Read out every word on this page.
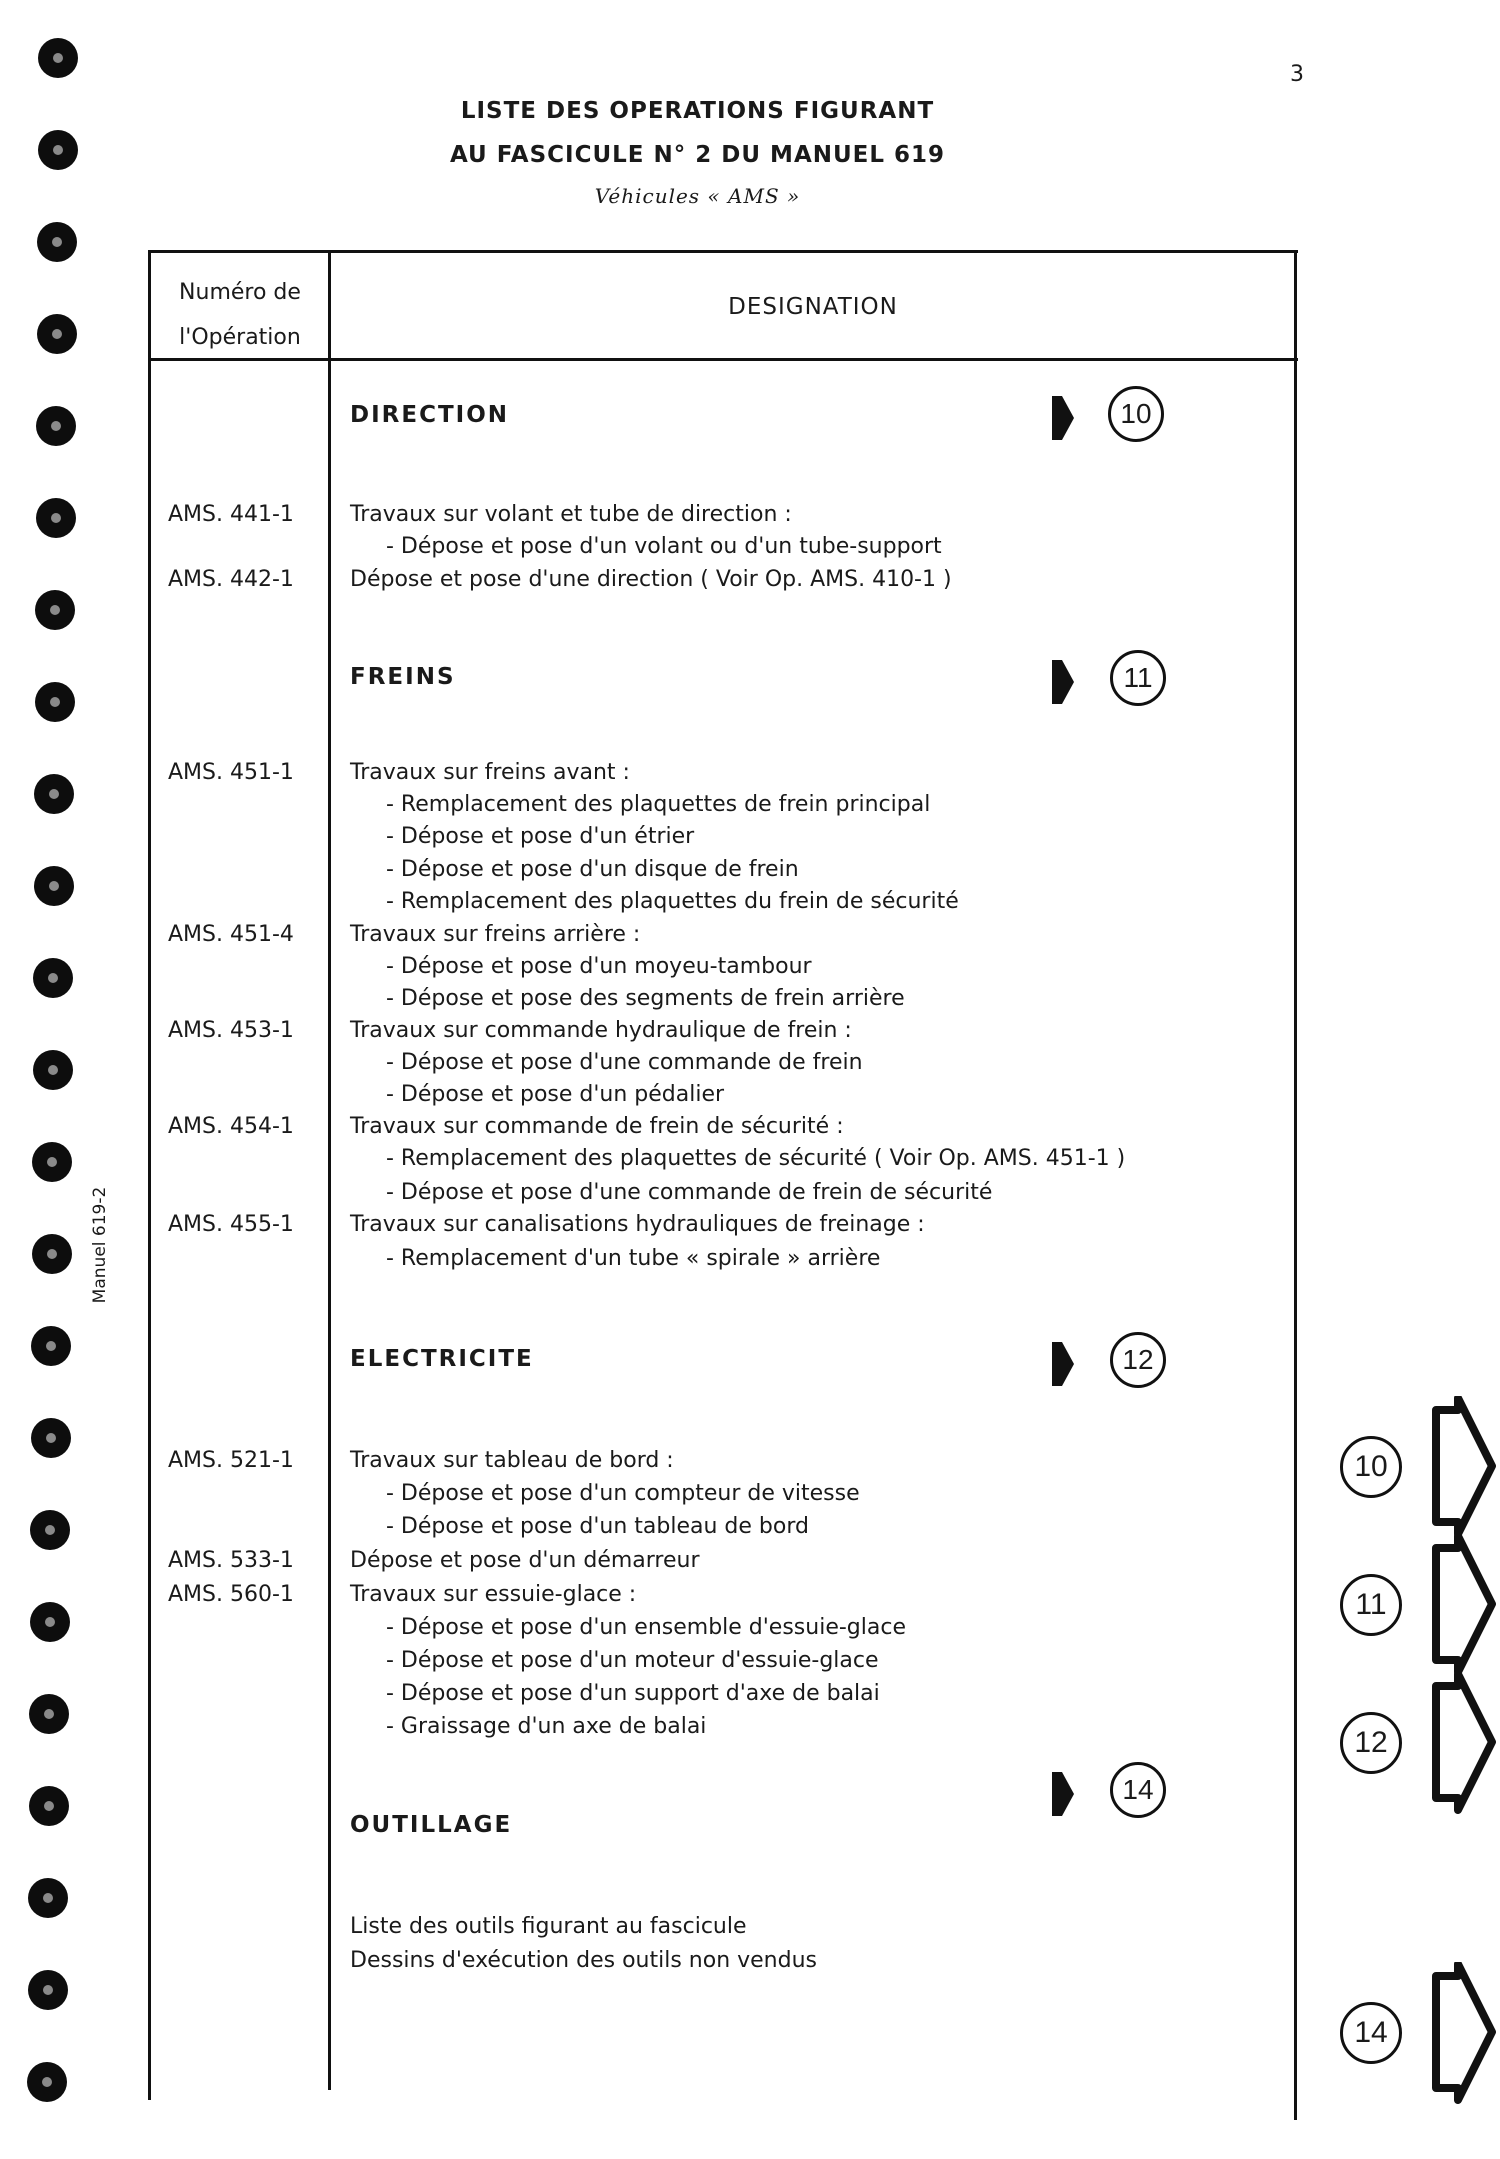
Manuel 619-2
3
LISTE DES OPERATIONS FIGURANT
AU FASCICULE N° 2 DU MANUEL 619
Véhicules « AMS »
Numéro de
l'Opération
DESIGNATION
DIRECTION
FREINS
ELECTRICITE
OUTILLAGE
AMS. 441-1
AMS. 442-1
AMS. 451-1
AMS. 451-4
AMS. 453-1
AMS. 454-1
AMS. 455-1
AMS. 521-1
AMS. 533-1
AMS. 560-1
Travaux sur volant et tube de direction :
- Dépose et pose d'un volant ou d'un tube-support
Dépose et pose d'une direction ( Voir Op. AMS. 410-1 )
Travaux sur freins avant :
- Remplacement des plaquettes de frein principal
- Dépose et pose d'un étrier
- Dépose et pose d'un disque de frein
- Remplacement des plaquettes du frein de sécurité
Travaux sur freins arrière :
- Dépose et pose d'un moyeu-tambour
- Dépose et pose des segments de frein arrière
Travaux sur commande hydraulique de frein :
- Dépose et pose d'une commande de frein
- Dépose et pose d'un pédalier
Travaux sur commande de frein de sécurité :
- Remplacement des plaquettes de sécurité ( Voir Op. AMS. 451-1 )
- Dépose et pose d'une commande de frein de sécurité
Travaux sur canalisations hydrauliques de freinage :
- Remplacement d'un tube « spirale » arrière
Travaux sur tableau de bord :
- Dépose et pose d'un compteur de vitesse
- Dépose et pose d'un tableau de bord
Dépose et pose d'un démarreur
Travaux sur essuie-glace :
- Dépose et pose d'un ensemble d'essuie-glace
- Dépose et pose d'un moteur d'essuie-glace
- Dépose et pose d'un support d'axe de balai
- Graissage d'un axe de balai
Liste des outils figurant au fascicule
Dessins d'exécution des outils non vendus
10
11
12
14
10
11
12
14
